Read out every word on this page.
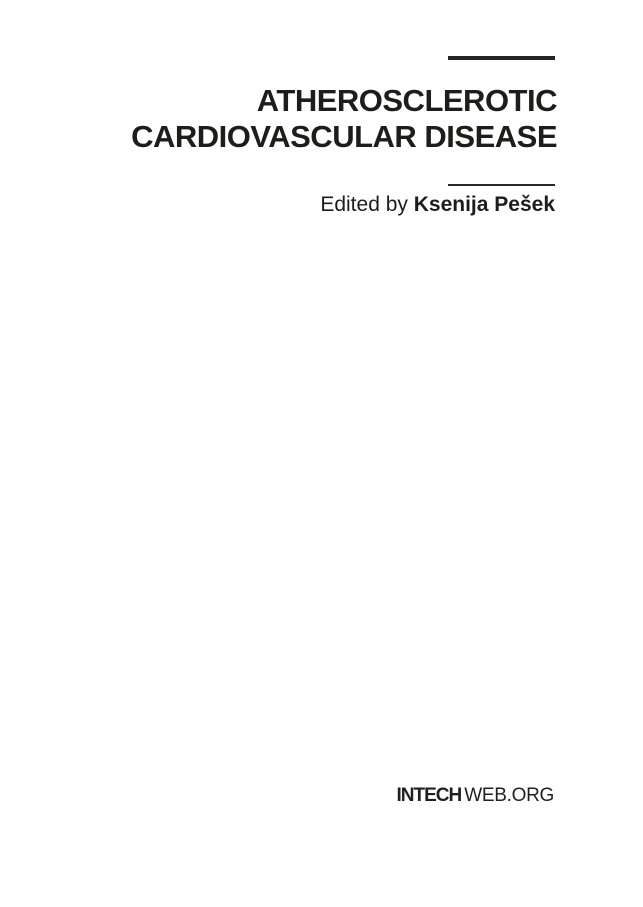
ATHEROSCLEROTIC
CARDIOVASCULAR DISEASE

Edited by Ksenija Pešek

INTECH WEB.ORG
